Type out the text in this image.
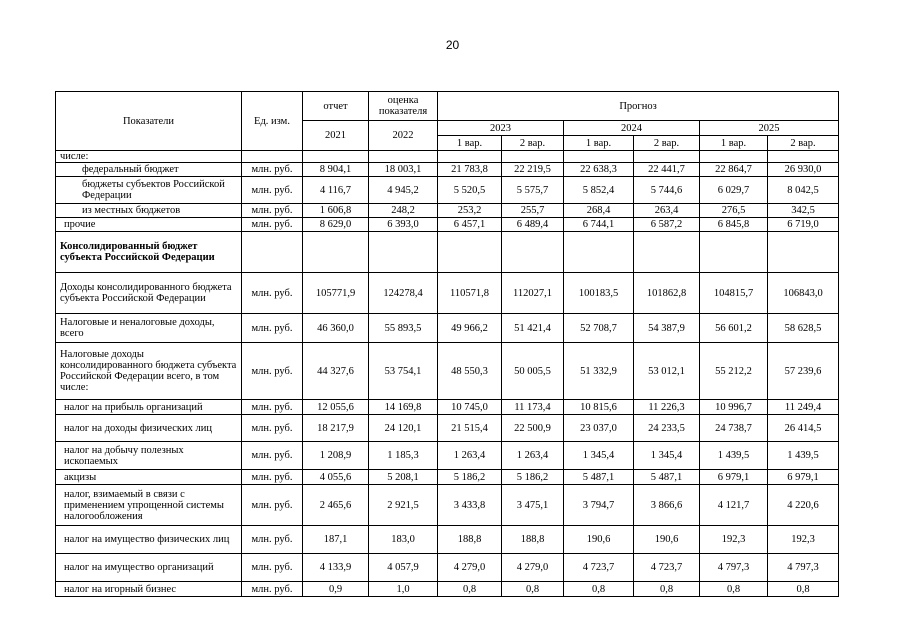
20
Показатели	Ед. изм.	отчет	оценка показателя	Прогноз					
		2021	2022	2023		2024		2025	
				1 вар.	2 вар.	1 вар.	2 вар.	1 вар.	2 вар.
числе:									
федеральный бюджет	млн. руб.	8 904,1	18 003,1	21 783,8	22 219,5	22 638,3	22 441,7	22 864,7	26 930,0
бюджеты субъектов Российской Федерации	млн. руб.	4 116,7	4 945,2	5 520,5	5 575,7	5 852,4	5 744,6	6 029,7	8 042,5
из местных бюджетов	млн. руб.	1 606,8	248,2	253,2	255,7	268,4	263,4	276,5	342,5
прочие	млн. руб.	8 629,0	6 393,0	6 457,1	6 489,4	6 744,1	6 587,2	6 845,8	6 719,0
Консолидированный бюджет субъекта Российской Федерации									
Доходы консолидированного бюджета субъекта Российской Федерации	млн. руб.	105771,9	124278,4	110571,8	112027,1	100183,5	101862,8	104815,7	106843,0
Налоговые и неналоговые доходы, всего	млн. руб.	46 360,0	55 893,5	49 966,2	51 421,4	52 708,7	54 387,9	56 601,2	58 628,5
Налоговые доходы консолидированного бюджета субъекта Российской Федерации всего, в том числе:	млн. руб.	44 327,6	53 754,1	48 550,3	50 005,5	51 332,9	53 012,1	55 212,2	57 239,6
налог на прибыль организаций	млн. руб.	12 055,6	14 169,8	10 745,0	11 173,4	10 815,6	11 226,3	10 996,7	11 249,4
налог на доходы физических лиц	млн. руб.	18 217,9	24 120,1	21 515,4	22 500,9	23 037,0	24 233,5	24 738,7	26 414,5
налог на добычу полезных ископаемых	млн. руб.	1 208,9	1 185,3	1 263,4	1 263,4	1 345,4	1 345,4	1 439,5	1 439,5
акцизы	млн. руб.	4 055,6	5 208,1	5 186,2	5 186,2	5 487,1	5 487,1	6 979,1	6 979,1
налог, взимаемый в связи с применением упрощенной системы налогообложения	млн. руб.	2 465,6	2 921,5	3 433,8	3 475,1	3 794,7	3 866,6	4 121,7	4 220,6
налог на имущество физических лиц	млн. руб.	187,1	183,0	188,8	188,8	190,6	190,6	192,3	192,3
налог на имущество организаций	млн. руб.	4 133,9	4 057,9	4 279,0	4 279,0	4 723,7	4 723,7	4 797,3	4 797,3
налог на игорный бизнес	млн. руб.	0,9	1,0	0,8	0,8	0,8	0,8	0,8	0,8
